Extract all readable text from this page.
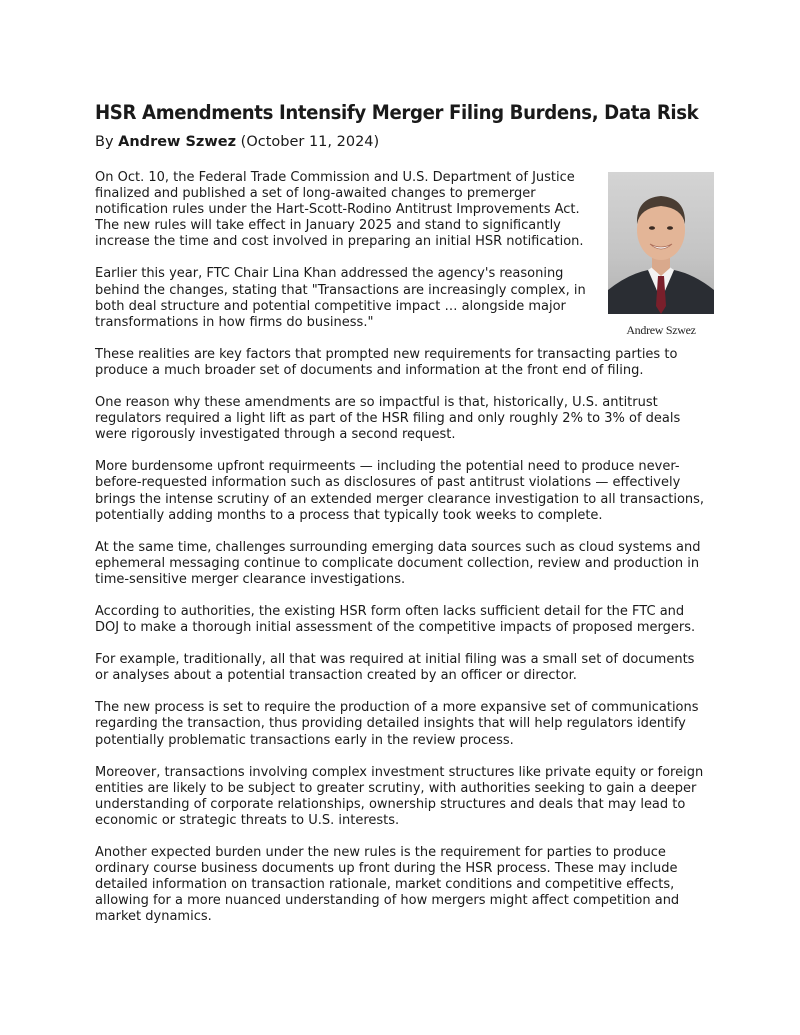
HSR Amendments Intensify Merger Filing Burdens, Data Risk
By Andrew Szwez (October 11, 2024)
Andrew Szwez

On Oct. 10, the Federal Trade Commission and U.S. Department of Justice finalized and published a set of long-awaited changes to premerger notification rules under the Hart-Scott-Rodino Antitrust Improvements Act. The new rules will take effect in January 2025 and stand to significantly increase the time and cost involved in preparing an initial HSR notification.

Earlier this year, FTC Chair Lina Khan addressed the agency's reasoning behind the changes, stating that "Transactions are increasingly complex, in both deal structure and potential competitive impact … alongside major transformations in how firms do business."

These realities are key factors that prompted new requirements for transacting parties to produce a much broader set of documents and information at the front end of filing.

One reason why these amendments are so impactful is that, historically, U.S. antitrust regulators required a light lift as part of the HSR filing and only roughly 2% to 3% of deals were rigorously investigated through a second request.

More burdensome upfront requirmeents — including the potential need to produce never-before-requested information such as disclosures of past antitrust violations — effectively brings the intense scrutiny of an extended merger clearance investigation to all transactions, potentially adding months to a process that typically took weeks to complete.

At the same time, challenges surrounding emerging data sources such as cloud systems and ephemeral messaging continue to complicate document collection, review and production in time-sensitive merger clearance investigations.

According to authorities, the existing HSR form often lacks sufficient detail for the FTC and DOJ to make a thorough initial assessment of the competitive impacts of proposed mergers.

For example, traditionally, all that was required at initial filing was a small set of documents or analyses about a potential transaction created by an officer or director.

The new process is set to require the production of a more expansive set of communications regarding the transaction, thus providing detailed insights that will help regulators identify potentially problematic transactions early in the review process.

Moreover, transactions involving complex investment structures like private equity or foreign entities are likely to be subject to greater scrutiny, with authorities seeking to gain a deeper understanding of corporate relationships, ownership structures and deals that may lead to economic or strategic threats to U.S. interests.

Another expected burden under the new rules is the requirement for parties to produce ordinary course business documents up front during the HSR process. These may include detailed information on transaction rationale, market conditions and competitive effects, allowing for a more nuanced understanding of how mergers might affect competition and market dynamics.
